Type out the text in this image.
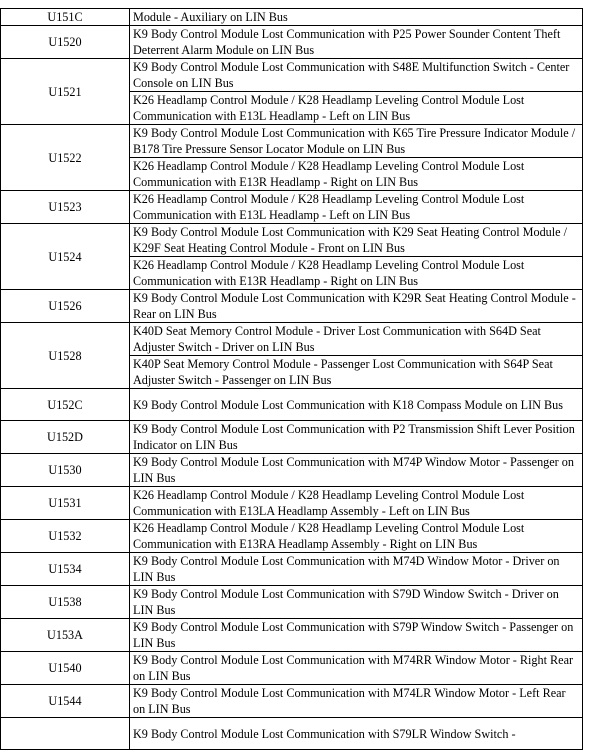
U151C	Module - Auxiliary on LIN Bus
U1520	K9 Body Control Module Lost Communication with P25 Power Sounder Content Theft Deterrent Alarm Module on LIN Bus
U1521	K9 Body Control Module Lost Communication with S48E Multifunction Switch - Center Console on LIN Bus
	K26 Headlamp Control Module / K28 Headlamp Leveling Control Module Lost Communication with E13L Headlamp - Left on LIN Bus
U1522	K9 Body Control Module Lost Communication with K65 Tire Pressure Indicator Module / B178 Tire Pressure Sensor Locator Module on LIN Bus
	K26 Headlamp Control Module / K28 Headlamp Leveling Control Module Lost Communication with E13R Headlamp - Right on LIN Bus
U1523	K26 Headlamp Control Module / K28 Headlamp Leveling Control Module Lost Communication with E13L Headlamp - Left on LIN Bus
U1524	K9 Body Control Module Lost Communication with K29 Seat Heating Control Module / K29F Seat Heating Control Module - Front on LIN Bus
	K26 Headlamp Control Module / K28 Headlamp Leveling Control Module Lost Communication with E13R Headlamp - Right on LIN Bus
U1526	K9 Body Control Module Lost Communication with K29R Seat Heating Control Module - Rear on LIN Bus
U1528	K40D Seat Memory Control Module - Driver Lost Communication with S64D Seat Adjuster Switch - Driver on LIN Bus
	K40P Seat Memory Control Module - Passenger Lost Communication with S64P Seat Adjuster Switch - Passenger on LIN Bus
U152C	K9 Body Control Module Lost Communication with K18 Compass Module on LIN Bus
U152D	K9 Body Control Module Lost Communication with P2 Transmission Shift Lever Position Indicator on LIN Bus
U1530	K9 Body Control Module Lost Communication with M74P Window Motor - Passenger on LIN Bus
U1531	K26 Headlamp Control Module / K28 Headlamp Leveling Control Module Lost Communication with E13LA Headlamp Assembly - Left on LIN Bus
U1532	K26 Headlamp Control Module / K28 Headlamp Leveling Control Module Lost Communication with E13RA Headlamp Assembly - Right on LIN Bus
U1534	K9 Body Control Module Lost Communication with M74D Window Motor - Driver on LIN Bus
U1538	K9 Body Control Module Lost Communication with S79D Window Switch - Driver on LIN Bus
U153A	K9 Body Control Module Lost Communication with S79P Window Switch - Passenger on LIN Bus
U1540	K9 Body Control Module Lost Communication with M74RR Window Motor - Right Rear on LIN Bus
U1544	K9 Body Control Module Lost Communication with M74LR Window Motor - Left Rear on LIN Bus
	K9 Body Control Module Lost Communication with S79LR Window Switch -
